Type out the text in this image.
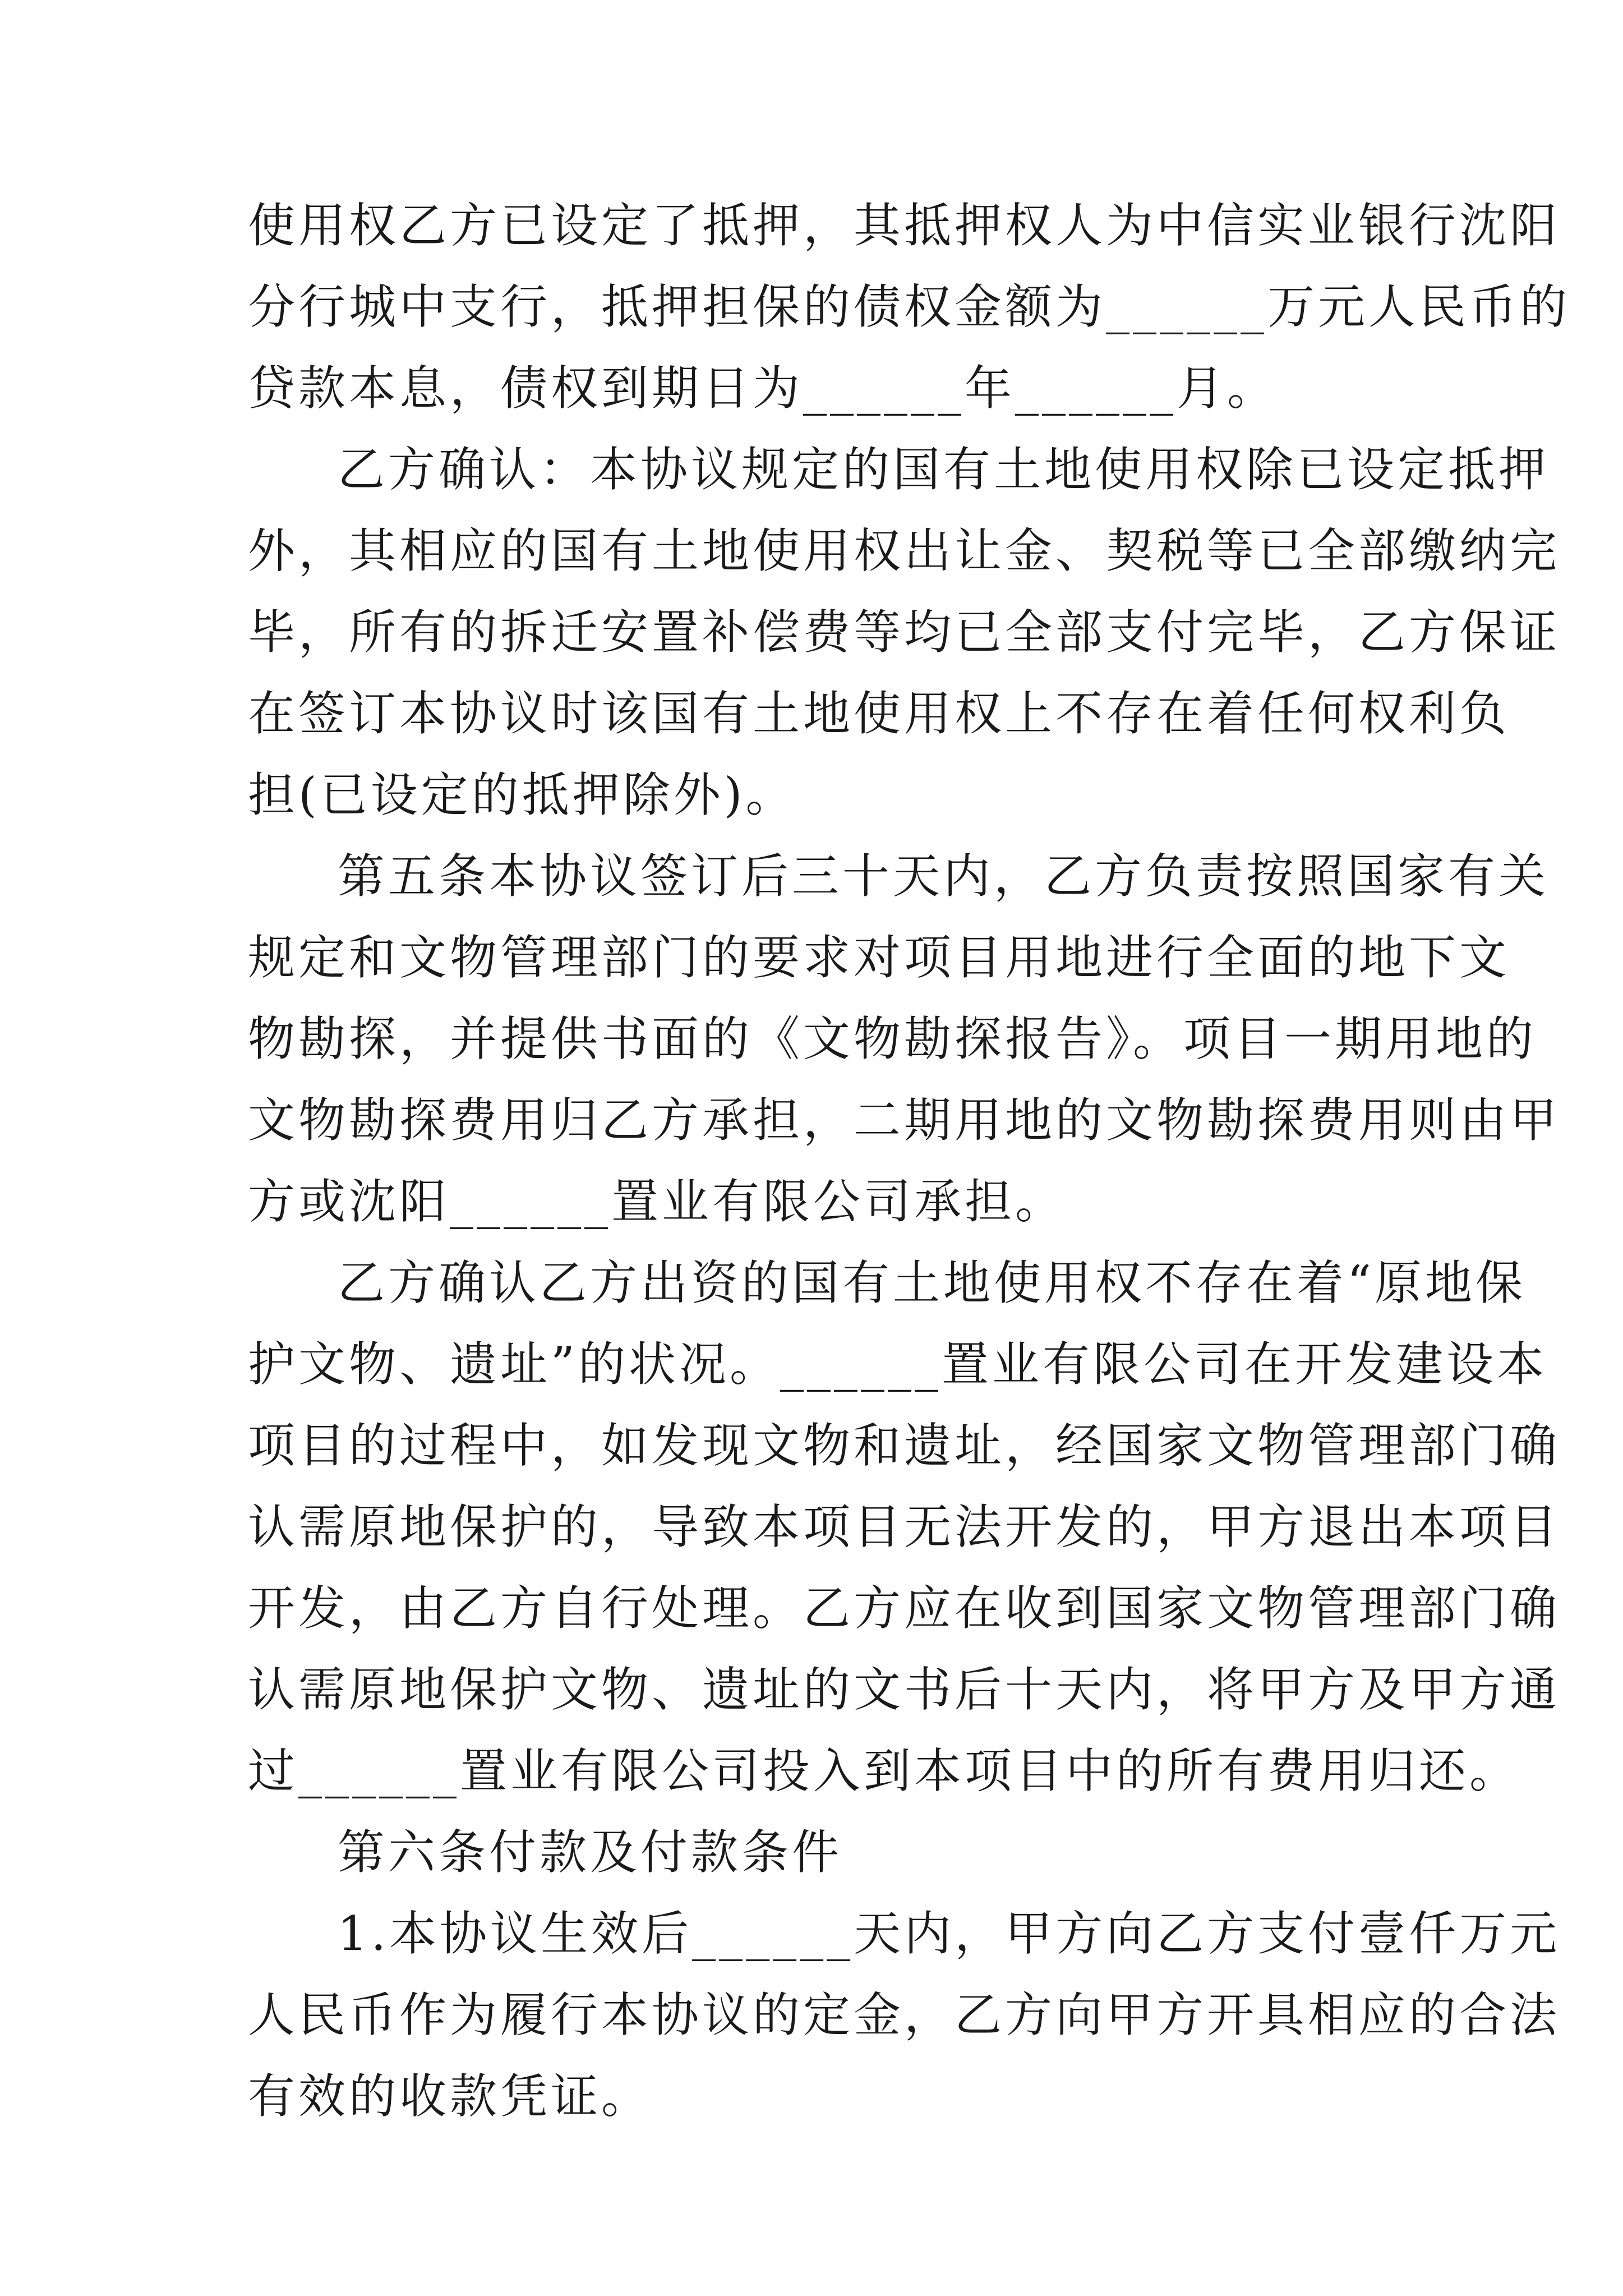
使用权乙方已设定了抵押，其抵押权人为中信实业银行沈阳
分行城中支行，抵押担保的债权金额为______万元人民币的
贷款本息，债权到期日为______年______月。
乙方确认：本协议规定的国有土地使用权除已设定抵押
外，其相应的国有土地使用权出让金、契税等已全部缴纳完
毕，所有的拆迁安置补偿费等均已全部支付完毕，乙方保证
在签订本协议时该国有土地使用权上不存在着任何权利负
担(已设定的抵押除外)。
第五条本协议签订后三十天内，乙方负责按照国家有关
规定和文物管理部门的要求对项目用地进行全面的地下文
物勘探，并提供书面的《文物勘探报告》。项目一期用地的
文物勘探费用归乙方承担，二期用地的文物勘探费用则由甲
方或沈阳______置业有限公司承担。
乙方确认乙方出资的国有土地使用权不存在着“原地保
护文物、遗址”的状况。______置业有限公司在开发建设本
项目的过程中，如发现文物和遗址，经国家文物管理部门确
认需原地保护的，导致本项目无法开发的，甲方退出本项目
开发，由乙方自行处理。乙方应在收到国家文物管理部门确
认需原地保护文物、遗址的文书后十天内，将甲方及甲方通
过______置业有限公司投入到本项目中的所有费用归还。
第六条付款及付款条件
1.本协议生效后______天内，甲方向乙方支付壹仟万元
人民币作为履行本协议的定金，乙方向甲方开具相应的合法
有效的收款凭证。
